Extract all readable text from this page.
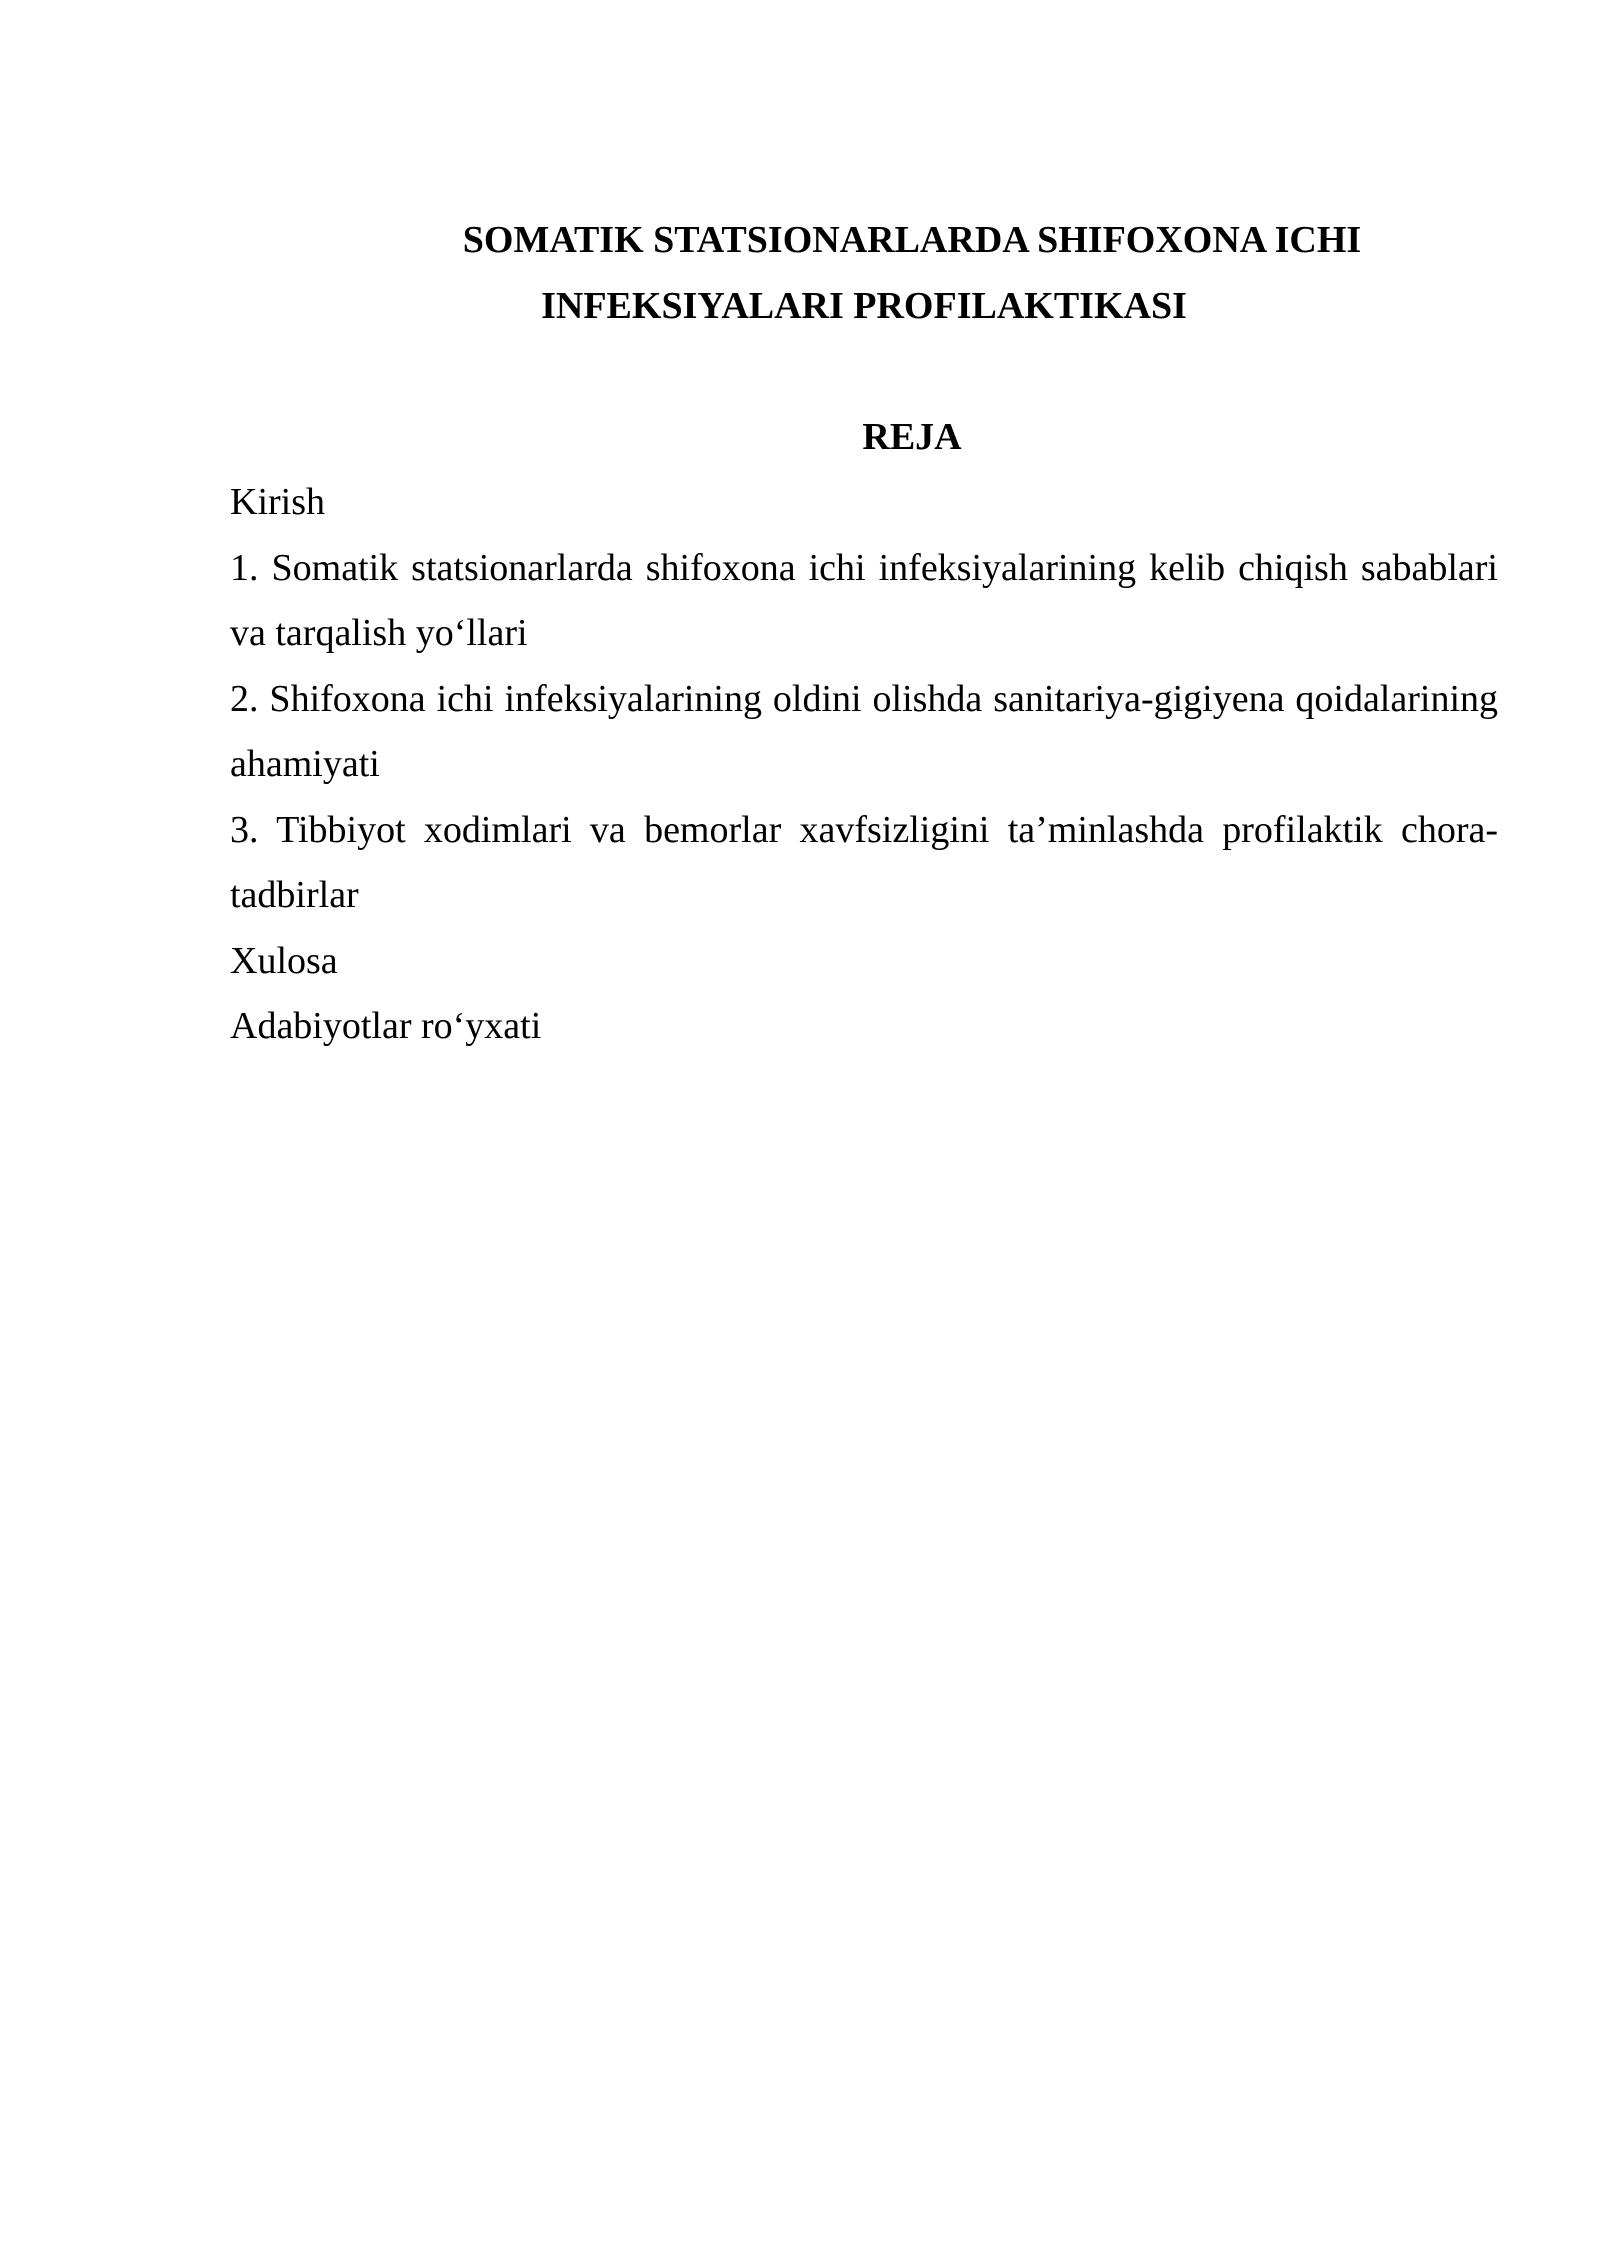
SOMATIK STATSIONARLARDA SHIFOXONA ICHI INFEKSIYALARI PROFILAKTIKASI

REJA

Kirish

1. Somatik statsionarlarda shifoxona ichi infeksiyalarining kelib chiqish sabablari va tarqalish yo‘llari

2. Shifoxona ichi infeksiyalarining oldini olishda sanitariya-gigiyena qoidalarining ahamiyati

3. Tibbiyot xodimlari va bemorlar xavfsizligini ta’minlashda profilaktik chora-tadbirlar

Xulosa

Adabiyotlar ro‘yxati
